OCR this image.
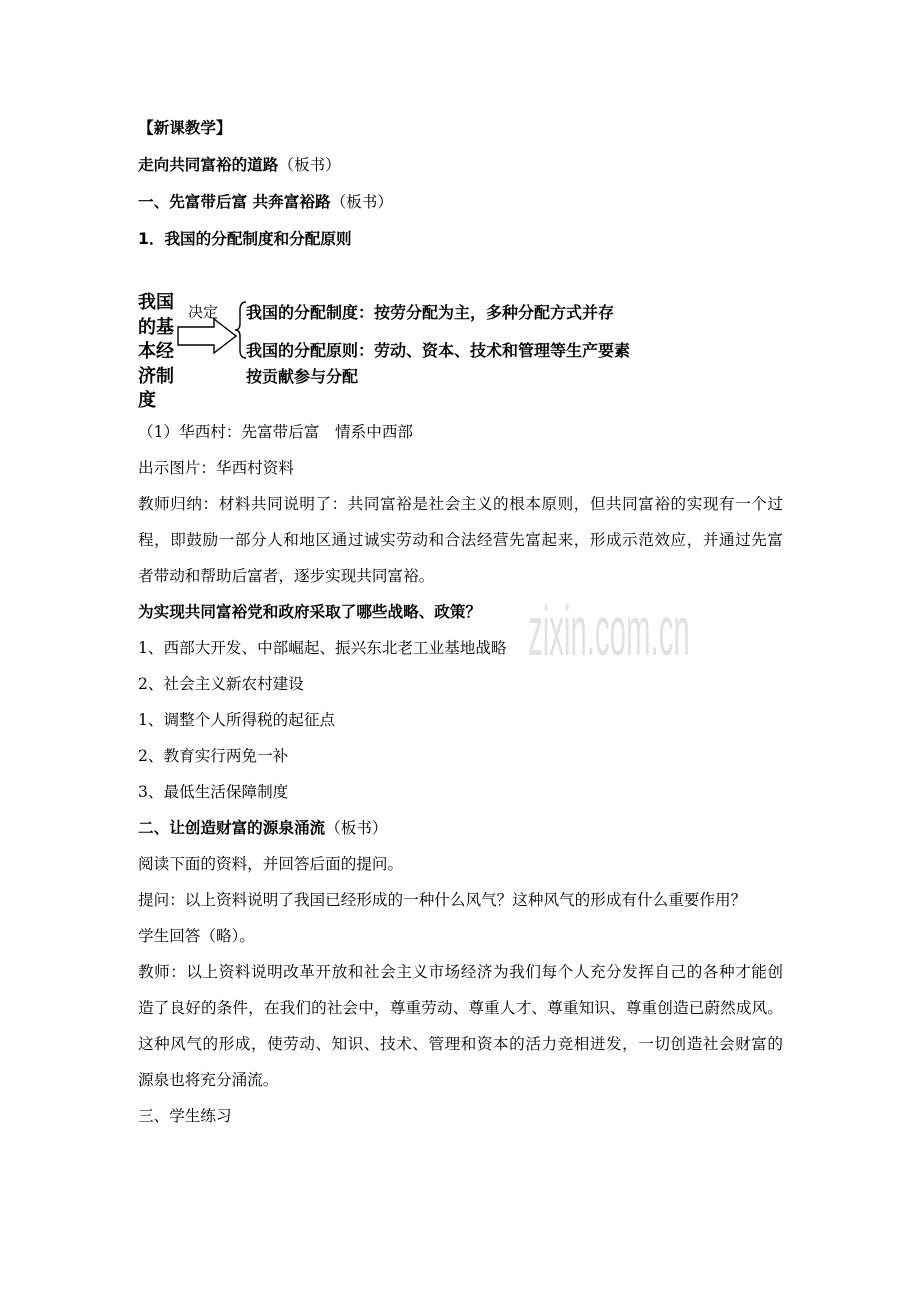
zixin.com.cn
【新课教学】
走向共同富裕的道路（板书）
一、先富带后富 共奔富裕路（板书）
1．我国的分配制度和分配原则
我国的基本经济制度
决定 我国的分配制度：按劳分配为主，多种分配方式并存
我国的分配原则：劳动、资本、技术和管理等生产要素按贡献参与分配
（1）华西村：先富带后富　情系中西部
出示图片：华西村资料
教师归纳：材料共同说明了：共同富裕是社会主义的根本原则，但共同富裕的实现有一个过
程，即鼓励一部分人和地区通过诚实劳动和合法经营先富起来，形成示范效应，并通过先富
者带动和帮助后富者，逐步实现共同富裕。
为实现共同富裕党和政府采取了哪些战略、政策？
1、西部大开发、中部崛起、振兴东北老工业基地战略
2、社会主义新农村建设
1、调整个人所得税的起征点
2、教育实行两免一补
3、最低生活保障制度
二、让创造财富的源泉涌流（板书）
阅读下面的资料，并回答后面的提问。
提问：以上资料说明了我国已经形成的一种什么风气？这种风气的形成有什么重要作用？
学生回答（略）。
教师：以上资料说明改革开放和社会主义市场经济为我们每个人充分发挥自己的各种才能创
造了良好的条件，在我们的社会中，尊重劳动、尊重人才、尊重知识、尊重创造已蔚然成风。
这种风气的形成，使劳动、知识、技术、管理和资本的活力竞相迸发，一切创造社会财富的
源泉也将充分涌流。
三、学生练习
